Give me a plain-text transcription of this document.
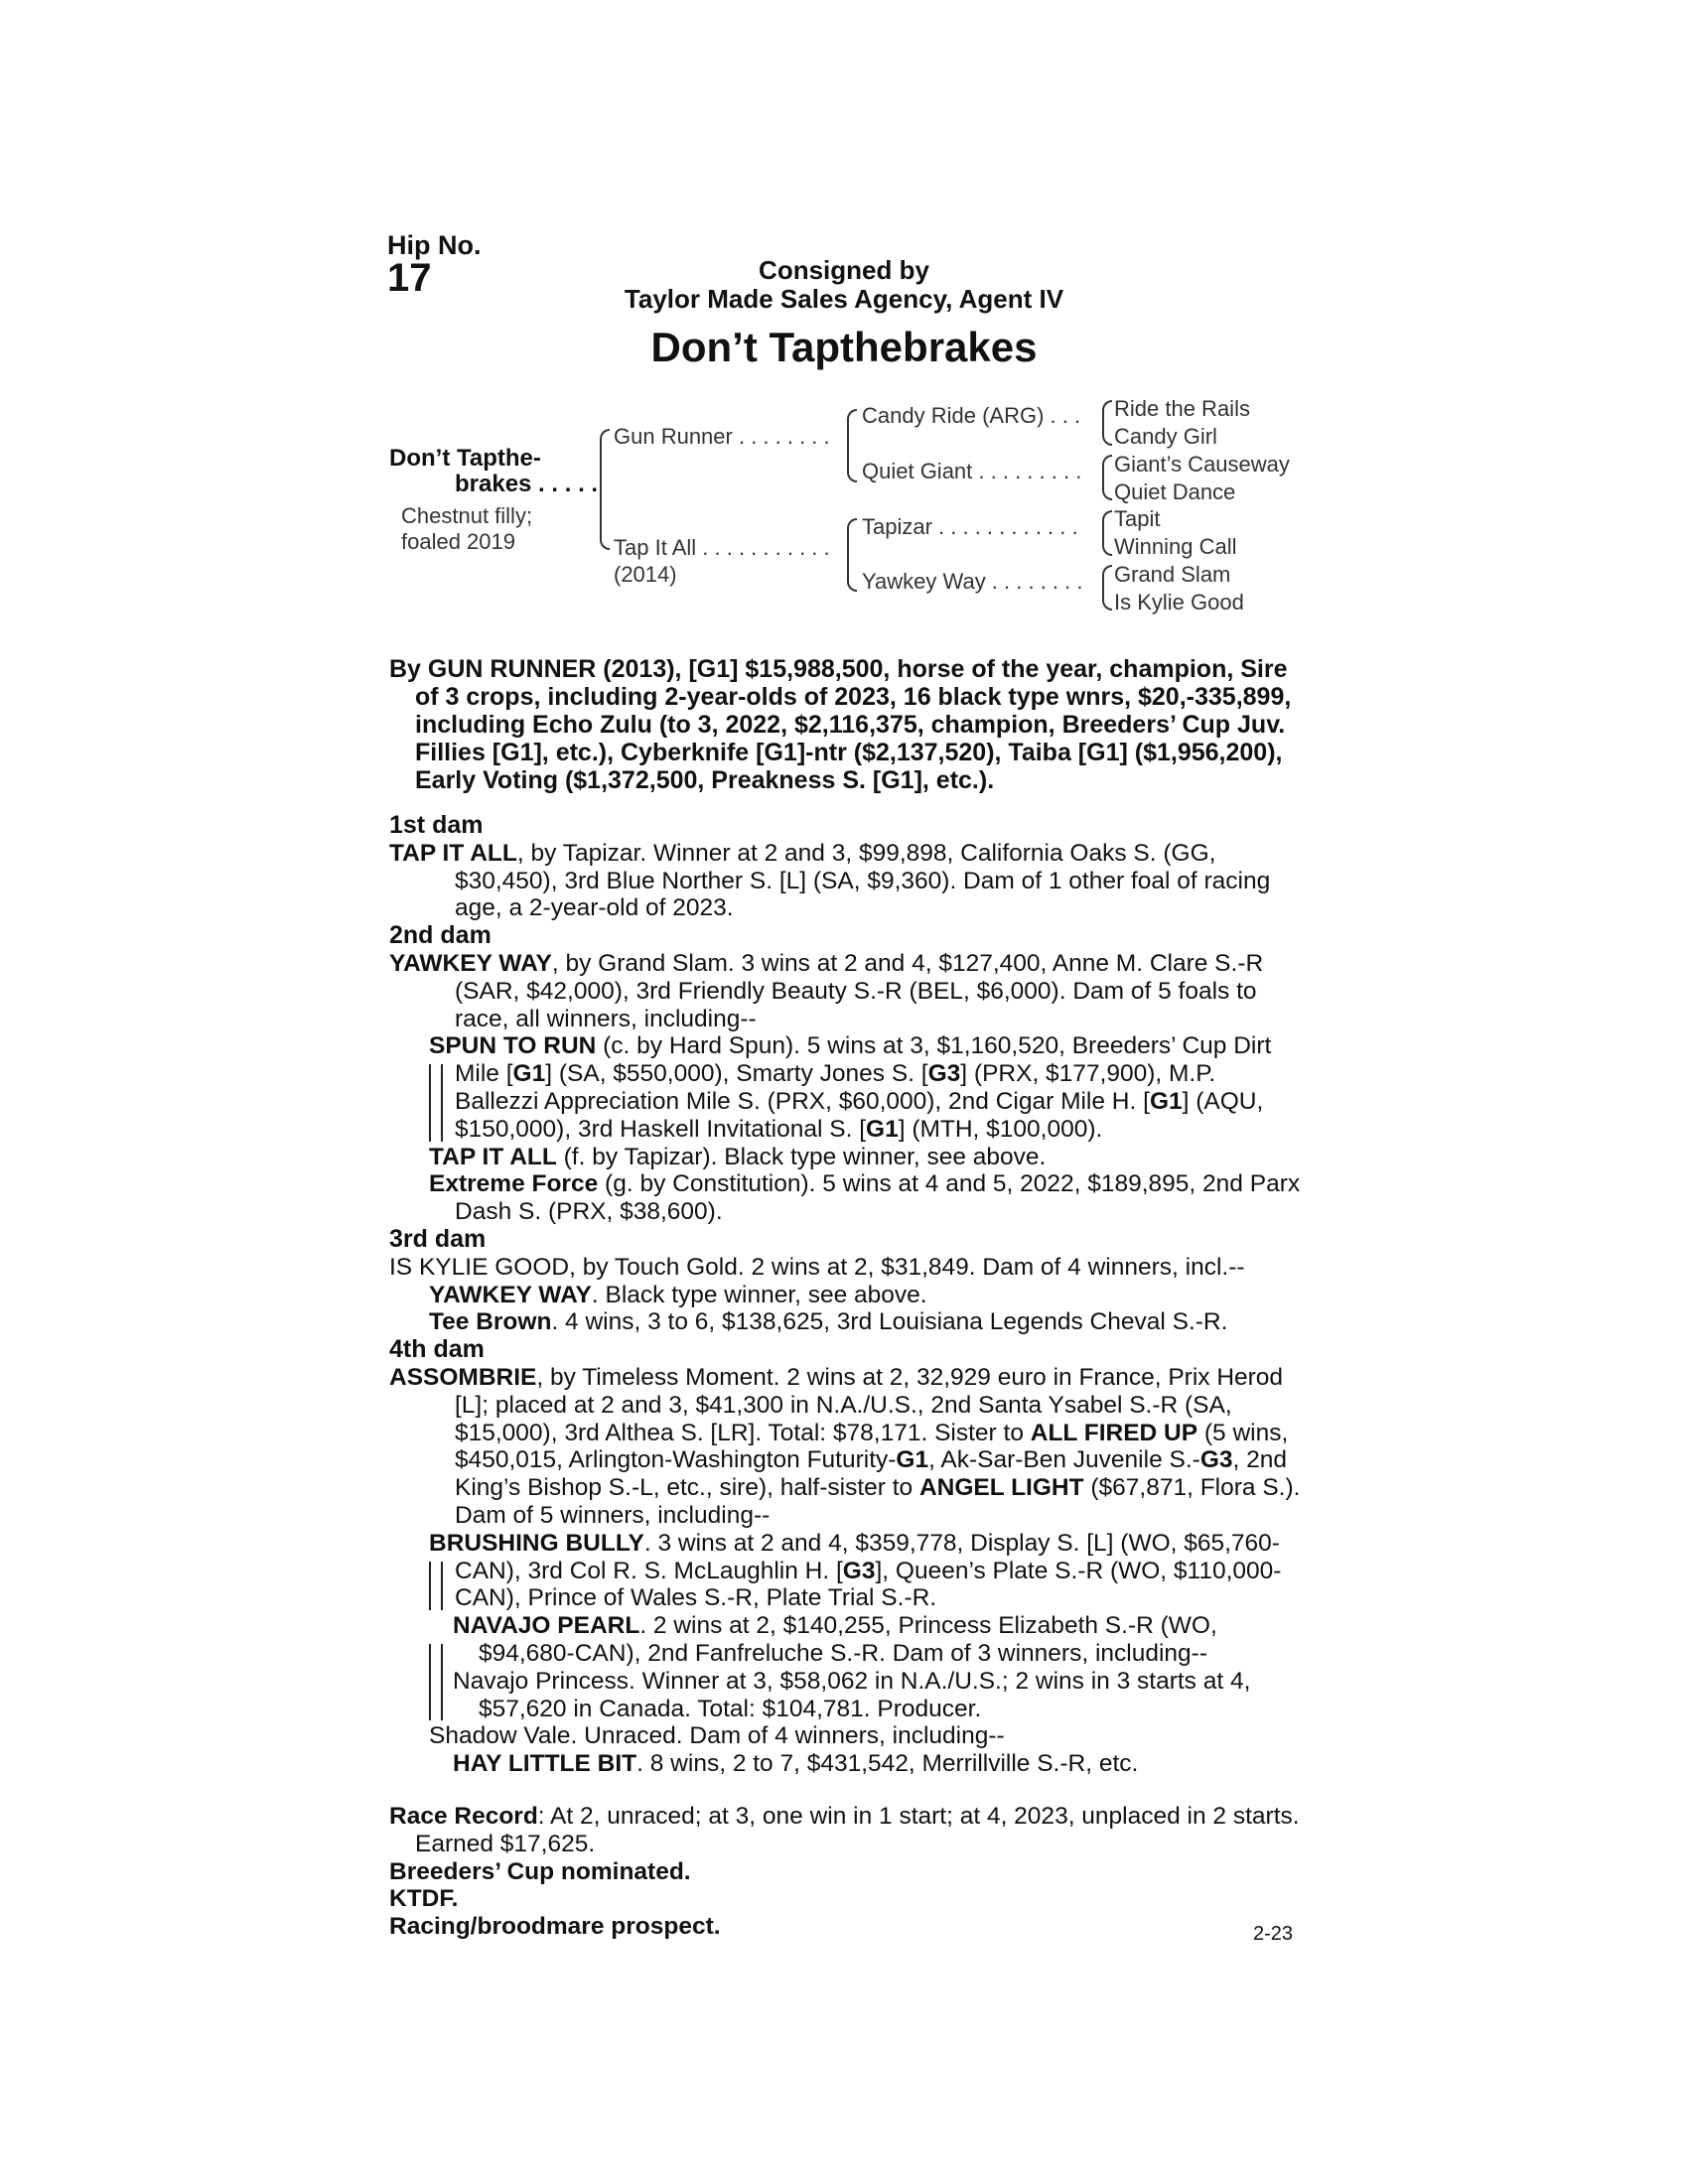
Hip No.
17	Consigned by
Taylor Made Sales Agency, Agent IV
Don’t Tapthebrakes
Don’t Tapthe-
brakes . . . . .
Chestnut filly;
foaled 2019
Gun Runner . . . . . . . .
Tap It All . . . . . . . . . . .
(2014)
Candy Ride (ARG) . . .
Quiet Giant . . . . . . . . .
Tapizar . . . . . . . . . . . .
Yawkey Way . . . . . . . .
Ride the Rails
Candy Girl
Giant’s Causeway
Quiet Dance
Tapit
Winning Call
Grand Slam
Is Kylie Good

By GUN RUNNER (2013), [G1] $15,988,500, horse of the year, champion, Sire of 3 crops, including 2-year-olds of 2023, 16 black type wnrs, $20,-335,899, including Echo Zulu (to 3, 2022, $2,116,375, champion, Breeders’ Cup Juv. Fillies [G1], etc.), Cyberknife [G1]-ntr ($2,137,520), Taiba [G1] ($1,956,200), Early Voting ($1,372,500, Preakness S. [G1], etc.).

1st dam

TAP IT ALL, by Tapizar. Winner at 2 and 3, $99,898, California Oaks S. (GG, $30,450), 3rd Blue Norther S. [L] (SA, $9,360). Dam of 1 other foal of racing age, a 2-year-old of 2023.

2nd dam

YAWKEY WAY, by Grand Slam. 3 wins at 2 and 4, $127,400, Anne M. Clare S.-R (SAR, $42,000), 3rd Friendly Beauty S.-R (BEL, $6,000). Dam of 5 foals to race, all winners, including--

SPUN TO RUN (c. by Hard Spun). 5 wins at 3, $1,160,520, Breeders’ Cup Dirt Mile [G1] (SA, $550,000), Smarty Jones S. [G3] (PRX, $177,900), M.P. Ballezzi Appreciation Mile S. (PRX, $60,000), 2nd Cigar Mile H. [G1] (AQU, $150,000), 3rd Haskell Invitational S. [G1] (MTH, $100,000).

TAP IT ALL (f. by Tapizar). Black type winner, see above.

Extreme Force (g. by Constitution). 5 wins at 4 and 5, 2022, $189,895, 2nd Parx Dash S. (PRX, $38,600).

3rd dam

IS KYLIE GOOD, by Touch Gold. 2 wins at 2, $31,849. Dam of 4 winners, incl.--

YAWKEY WAY. Black type winner, see above.

Tee Brown. 4 wins, 3 to 6, $138,625, 3rd Louisiana Legends Cheval S.-R.

4th dam

ASSOMBRIE, by Timeless Moment. 2 wins at 2, 32,929 euro in France, Prix Herod [L]; placed at 2 and 3, $41,300 in N.A./U.S., 2nd Santa Ysabel S.-R (SA, $15,000), 3rd Althea S. [LR]. Total: $78,171. Sister to ALL FIRED UP (5 wins, $450,015, Arlington-Washington Futurity-G1, Ak-Sar-Ben Juvenile S.-G3, 2nd King’s Bishop S.-L, etc., sire), half-sister to ANGEL LIGHT ($67,871, Flora S.). Dam of 5 winners, including--

BRUSHING BULLY. 3 wins at 2 and 4, $359,778, Display S. [L] (WO, $65,760-CAN), 3rd Col R. S. McLaughlin H. [G3], Queen’s Plate S.-R (WO, $110,000-CAN), Prince of Wales S.-R, Plate Trial S.-R.

NAVAJO PEARL. 2 wins at 2, $140,255, Princess Elizabeth S.-R (WO, $94,680-CAN), 2nd Fanfreluche S.-R. Dam of 3 winners, including--

Navajo Princess. Winner at 3, $58,062 in N.A./U.S.; 2 wins in 3 starts at 4, $57,620 in Canada. Total: $104,781. Producer.

Shadow Vale. Unraced. Dam of 4 winners, including--

HAY LITTLE BIT. 8 wins, 2 to 7, $431,542, Merrillville S.-R, etc.

Race Record: At 2, unraced; at 3, one win in 1 start; at 4, 2023, unplaced in 2 starts. Earned $17,625.

Breeders’ Cup nominated.

KTDF.

Racing/broodmare prospect.	2-23
